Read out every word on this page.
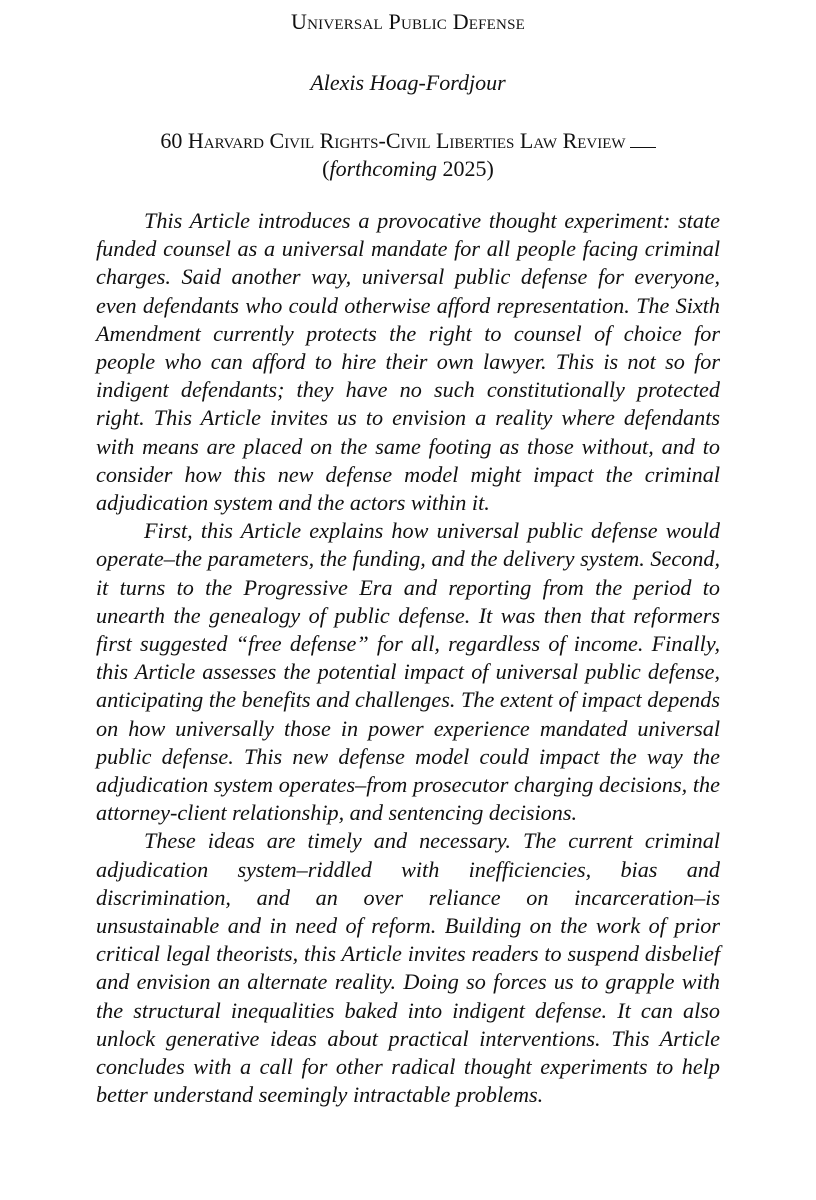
Universal Public Defense
Alexis Hoag-Fordjour
60 Harvard Civil Rights-Civil Liberties Law Review
(forthcoming 2025)

This Article introduces a provocative thought experiment: state funded counsel as a universal mandate for all people facing criminal charges. Said another way, universal public defense for everyone, even defendants who could otherwise afford representation. The Sixth Amendment currently protects the right to counsel of choice for people who can afford to hire their own lawyer. This is not so for indigent defendants; they have no such constitutionally protected right. This Article invites us to envision a reality where defendants with means are placed on the same footing as those without, and to consider how this new defense model might impact the criminal adjudication system and the actors within it.

First, this Article explains how universal public defense would operate–the parameters, the funding, and the delivery system. Second, it turns to the Progressive Era and reporting from the period to unearth the genealogy of public defense. It was then that reformers first suggested “free defense” for all, regardless of income. Finally, this Article assesses the potential impact of universal public defense, anticipating the benefits and challenges. The extent of impact depends on how universally those in power experience mandated universal public defense. This new defense model could impact the way the adjudication system operates–from prosecutor charging decisions, the attorney-client relationship, and sentencing decisions.

These ideas are timely and necessary. The current criminal adjudication system–riddled with inefficiencies, bias and discrimination, and an over reliance on incarceration–is unsustainable and in need of reform. Building on the work of prior critical legal theorists, this Article invites readers to suspend disbelief and envision an alternate reality. Doing so forces us to grapple with the structural inequalities baked into indigent defense. It can also unlock generative ideas about practical interventions. This Article concludes with a call for other radical thought experiments to help better understand seemingly intractable problems.
